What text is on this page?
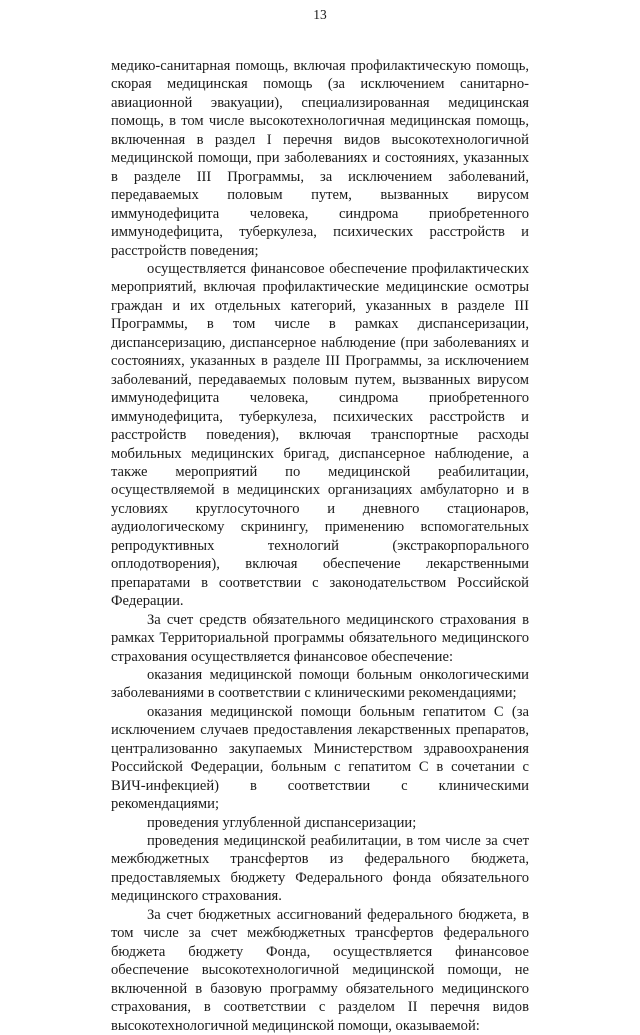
13

медико-санитарная помощь, включая профилактическую помощь, скорая медицинская помощь (за исключением санитарно-авиационной эвакуации), специализированная медицинская помощь, в том числе высокотехнологичная медицинская помощь, включенная в раздел I перечня видов высокотехнологичной медицинской помощи, при заболеваниях и состояниях, указанных в разделе III Программы, за исключением заболеваний, передаваемых половым путем, вызванных вирусом иммунодефицита человека, синдрома приобретенного иммунодефицита, туберкулеза, психических расстройств и расстройств поведения;

осуществляется финансовое обеспечение профилактических мероприятий, включая профилактические медицинские осмотры граждан и их отдельных категорий, указанных в разделе III Программы, в том числе в рамках диспансеризации, диспансеризацию, диспансерное наблюдение (при заболеваниях и состояниях, указанных в разделе III Программы, за исключением заболеваний, передаваемых половым путем, вызванных вирусом иммунодефицита человека, синдрома приобретенного иммунодефицита, туберкулеза, психических расстройств и расстройств поведения), включая транспортные расходы мобильных медицинских бригад, диспансерное наблюдение, а также мероприятий по медицинской реабилитации, осуществляемой в медицинских организациях амбулаторно и в условиях круглосуточного и дневного стационаров, аудиологическому скринингу, применению вспомогательных репродуктивных технологий (экстракорпорального оплодотворения), включая обеспечение лекарственными препаратами в соответствии с законодательством Российской Федерации.

За счет средств обязательного медицинского страхования в рамках Территориальной программы обязательного медицинского страхования осуществляется финансовое обеспечение:

оказания медицинской помощи больным онкологическими заболеваниями в соответствии с клиническими рекомендациями;

оказания медицинской помощи больным гепатитом С (за исключением случаев предоставления лекарственных препаратов, централизованно закупаемых Министерством здравоохранения Российской Федерации, больным с гепатитом С в сочетании с ВИЧ-инфекцией) в соответствии с клиническими рекомендациями;

проведения углубленной диспансеризации;

проведения медицинской реабилитации, в том числе за счет межбюджетных трансфертов из федерального бюджета, предоставляемых бюджету Федерального фонда обязательного медицинского страхования.

За счет бюджетных ассигнований федерального бюджета, в том числе за счет межбюджетных трансфертов федерального бюджета бюджету Фонда, осуществляется финансовое обеспечение высокотехнологичной медицинской помощи, не включенной в базовую программу обязательного медицинского страхования, в соответствии с разделом II перечня видов высокотехнологичной медицинской помощи, оказываемой:
